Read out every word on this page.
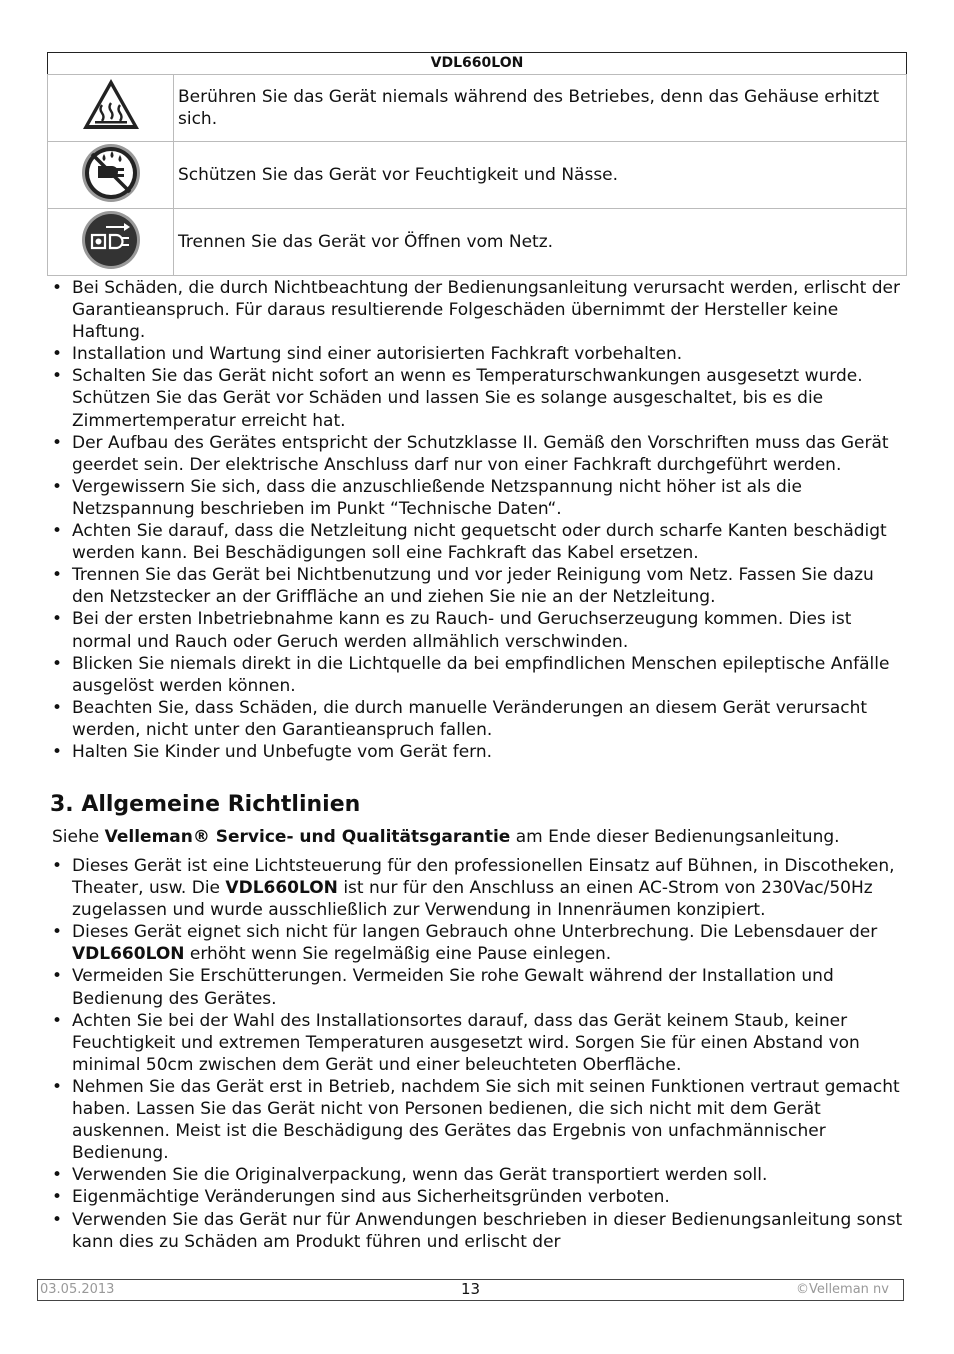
VDL660LON
	Berühren Sie das Gerät niemals während des Betriebes, denn das Gehäuse erhitzt sich.

	Schützen Sie das Gerät vor Feuchtigkeit und Nässe.

	Trennen Sie das Gerät vor Öffnen vom Netz.
• Bei Schäden, die durch Nichtbeachtung der Bedienungsanleitung verursacht werden, erlischt der Garantieanspruch. Für daraus resultierende Folgeschäden übernimmt der Hersteller keine Haftung.
• Installation und Wartung sind einer autorisierten Fachkraft vorbehalten.
• Schalten Sie das Gerät nicht sofort an wenn es Temperaturschwankungen ausgesetzt wurde. Schützen Sie das Gerät vor Schäden und lassen Sie es solange ausgeschaltet, bis es die Zimmertemperatur erreicht hat.
• Der Aufbau des Gerätes entspricht der Schutzklasse II. Gemäß den Vorschriften muss das Gerät geerdet sein. Der elektrische Anschluss darf nur von einer Fachkraft durchgeführt werden.
• Vergewissern Sie sich, dass die anzuschließende Netzspannung nicht höher ist als die Netzspannung beschrieben im Punkt “Technische Daten“.
• Achten Sie darauf, dass die Netzleitung nicht gequetscht oder durch scharfe Kanten beschädigt werden kann. Bei Beschädigungen soll eine Fachkraft das Kabel ersetzen.
• Trennen Sie das Gerät bei Nichtbenutzung und vor jeder Reinigung vom Netz. Fassen Sie dazu den Netzstecker an der Griffläche an und ziehen Sie nie an der Netzleitung.
• Bei der ersten Inbetriebnahme kann es zu Rauch- und Geruchserzeugung kommen. Dies ist normal und Rauch oder Geruch werden allmählich verschwinden.
• Blicken Sie niemals direkt in die Lichtquelle da bei empfindlichen Menschen epileptische Anfälle ausgelöst werden können.
• Beachten Sie, dass Schäden, die durch manuelle Veränderungen an diesem Gerät verursacht werden, nicht unter den Garantieanspruch fallen.
• Halten Sie Kinder und Unbefugte vom Gerät fern.
3. Allgemeine Richtlinien

Siehe Velleman® Service- und Qualitätsgarantie am Ende dieser Bedienungsanleitung.

• Dieses Gerät ist eine Lichtsteuerung für den professionellen Einsatz auf Bühnen, in Discotheken, Theater, usw. Die VDL660LON ist nur für den Anschluss an einen AC-Strom von 230Vac/50Hz zugelassen und wurde ausschließlich zur Verwendung in Innenräumen konzipiert.
• Dieses Gerät eignet sich nicht für langen Gebrauch ohne Unterbrechung. Die Lebensdauer der VDL660LON erhöht wenn Sie regelmäßig eine Pause einlegen.
• Vermeiden Sie Erschütterungen. Vermeiden Sie rohe Gewalt während der Installation und Bedienung des Gerätes.
• Achten Sie bei der Wahl des Installationsortes darauf, dass das Gerät keinem Staub, keiner Feuchtigkeit und extremen Temperaturen ausgesetzt wird. Sorgen Sie für einen Abstand von minimal 50cm zwischen dem Gerät und einer beleuchteten Oberfläche.
• Nehmen Sie das Gerät erst in Betrieb, nachdem Sie sich mit seinen Funktionen vertraut gemacht haben. Lassen Sie das Gerät nicht von Personen bedienen, die sich nicht mit dem Gerät auskennen. Meist ist die Beschädigung des Gerätes das Ergebnis von unfachmännischer Bedienung.
• Verwenden Sie die Originalverpackung, wenn das Gerät transportiert werden soll.
• Eigenmächtige Veränderungen sind aus Sicherheitsgründen verboten.
• Verwenden Sie das Gerät nur für Anwendungen beschrieben in dieser Bedienungsanleitung sonst kann dies zu Schäden am Produkt führen und erlischt der
03.05.2013	13	©Velleman nv
